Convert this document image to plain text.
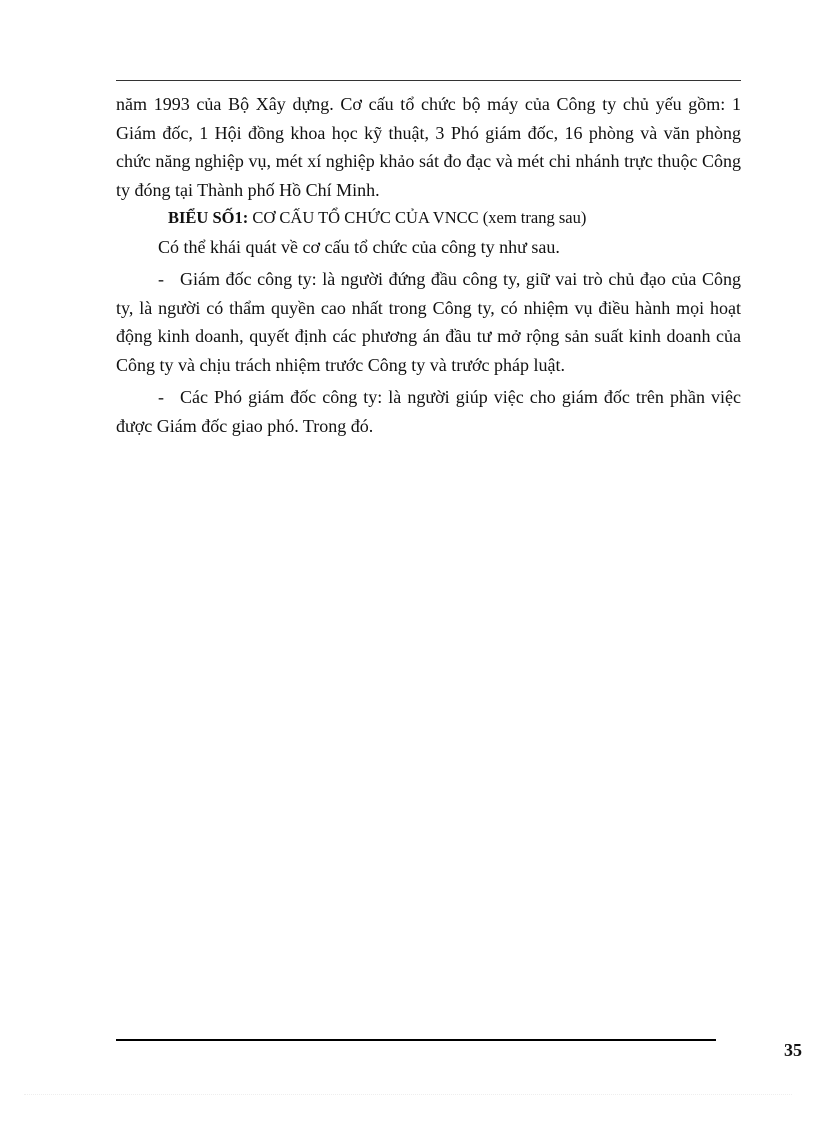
năm 1993 của Bộ Xây dựng. Cơ cấu tổ chức bộ máy của Công ty chủ yếu gồm: 1 Giám đốc, 1 Hội đồng khoa học kỹ thuật, 3 Phó giám đốc, 16 phòng và văn phòng chức năng nghiệp vụ, mét xí nghiệp khảo sát đo đạc và mét chi nhánh trực thuộc Công ty đóng tại Thành phố Hồ Chí Minh.

BIỂU SỐ1: CƠ CẤU TỔ CHỨC CỦA VNCC (xem trang sau)

Có thể khái quát về cơ cấu tổ chức của công ty như sau.

- Giám đốc công ty: là người đứng đầu công ty, giữ vai trò chủ đạo của Công ty, là người có thẩm quyền cao nhất trong Công ty, có nhiệm vụ điều hành mọi hoạt động kinh doanh, quyết định các phương án đầu tư mở rộng sản suất kinh doanh của Công ty và chịu trách nhiệm trước Công ty và trước pháp luật.

- Các Phó giám đốc công ty: là người giúp việc cho giám đốc trên phần việc được Giám đốc giao phó. Trong đó.

35
